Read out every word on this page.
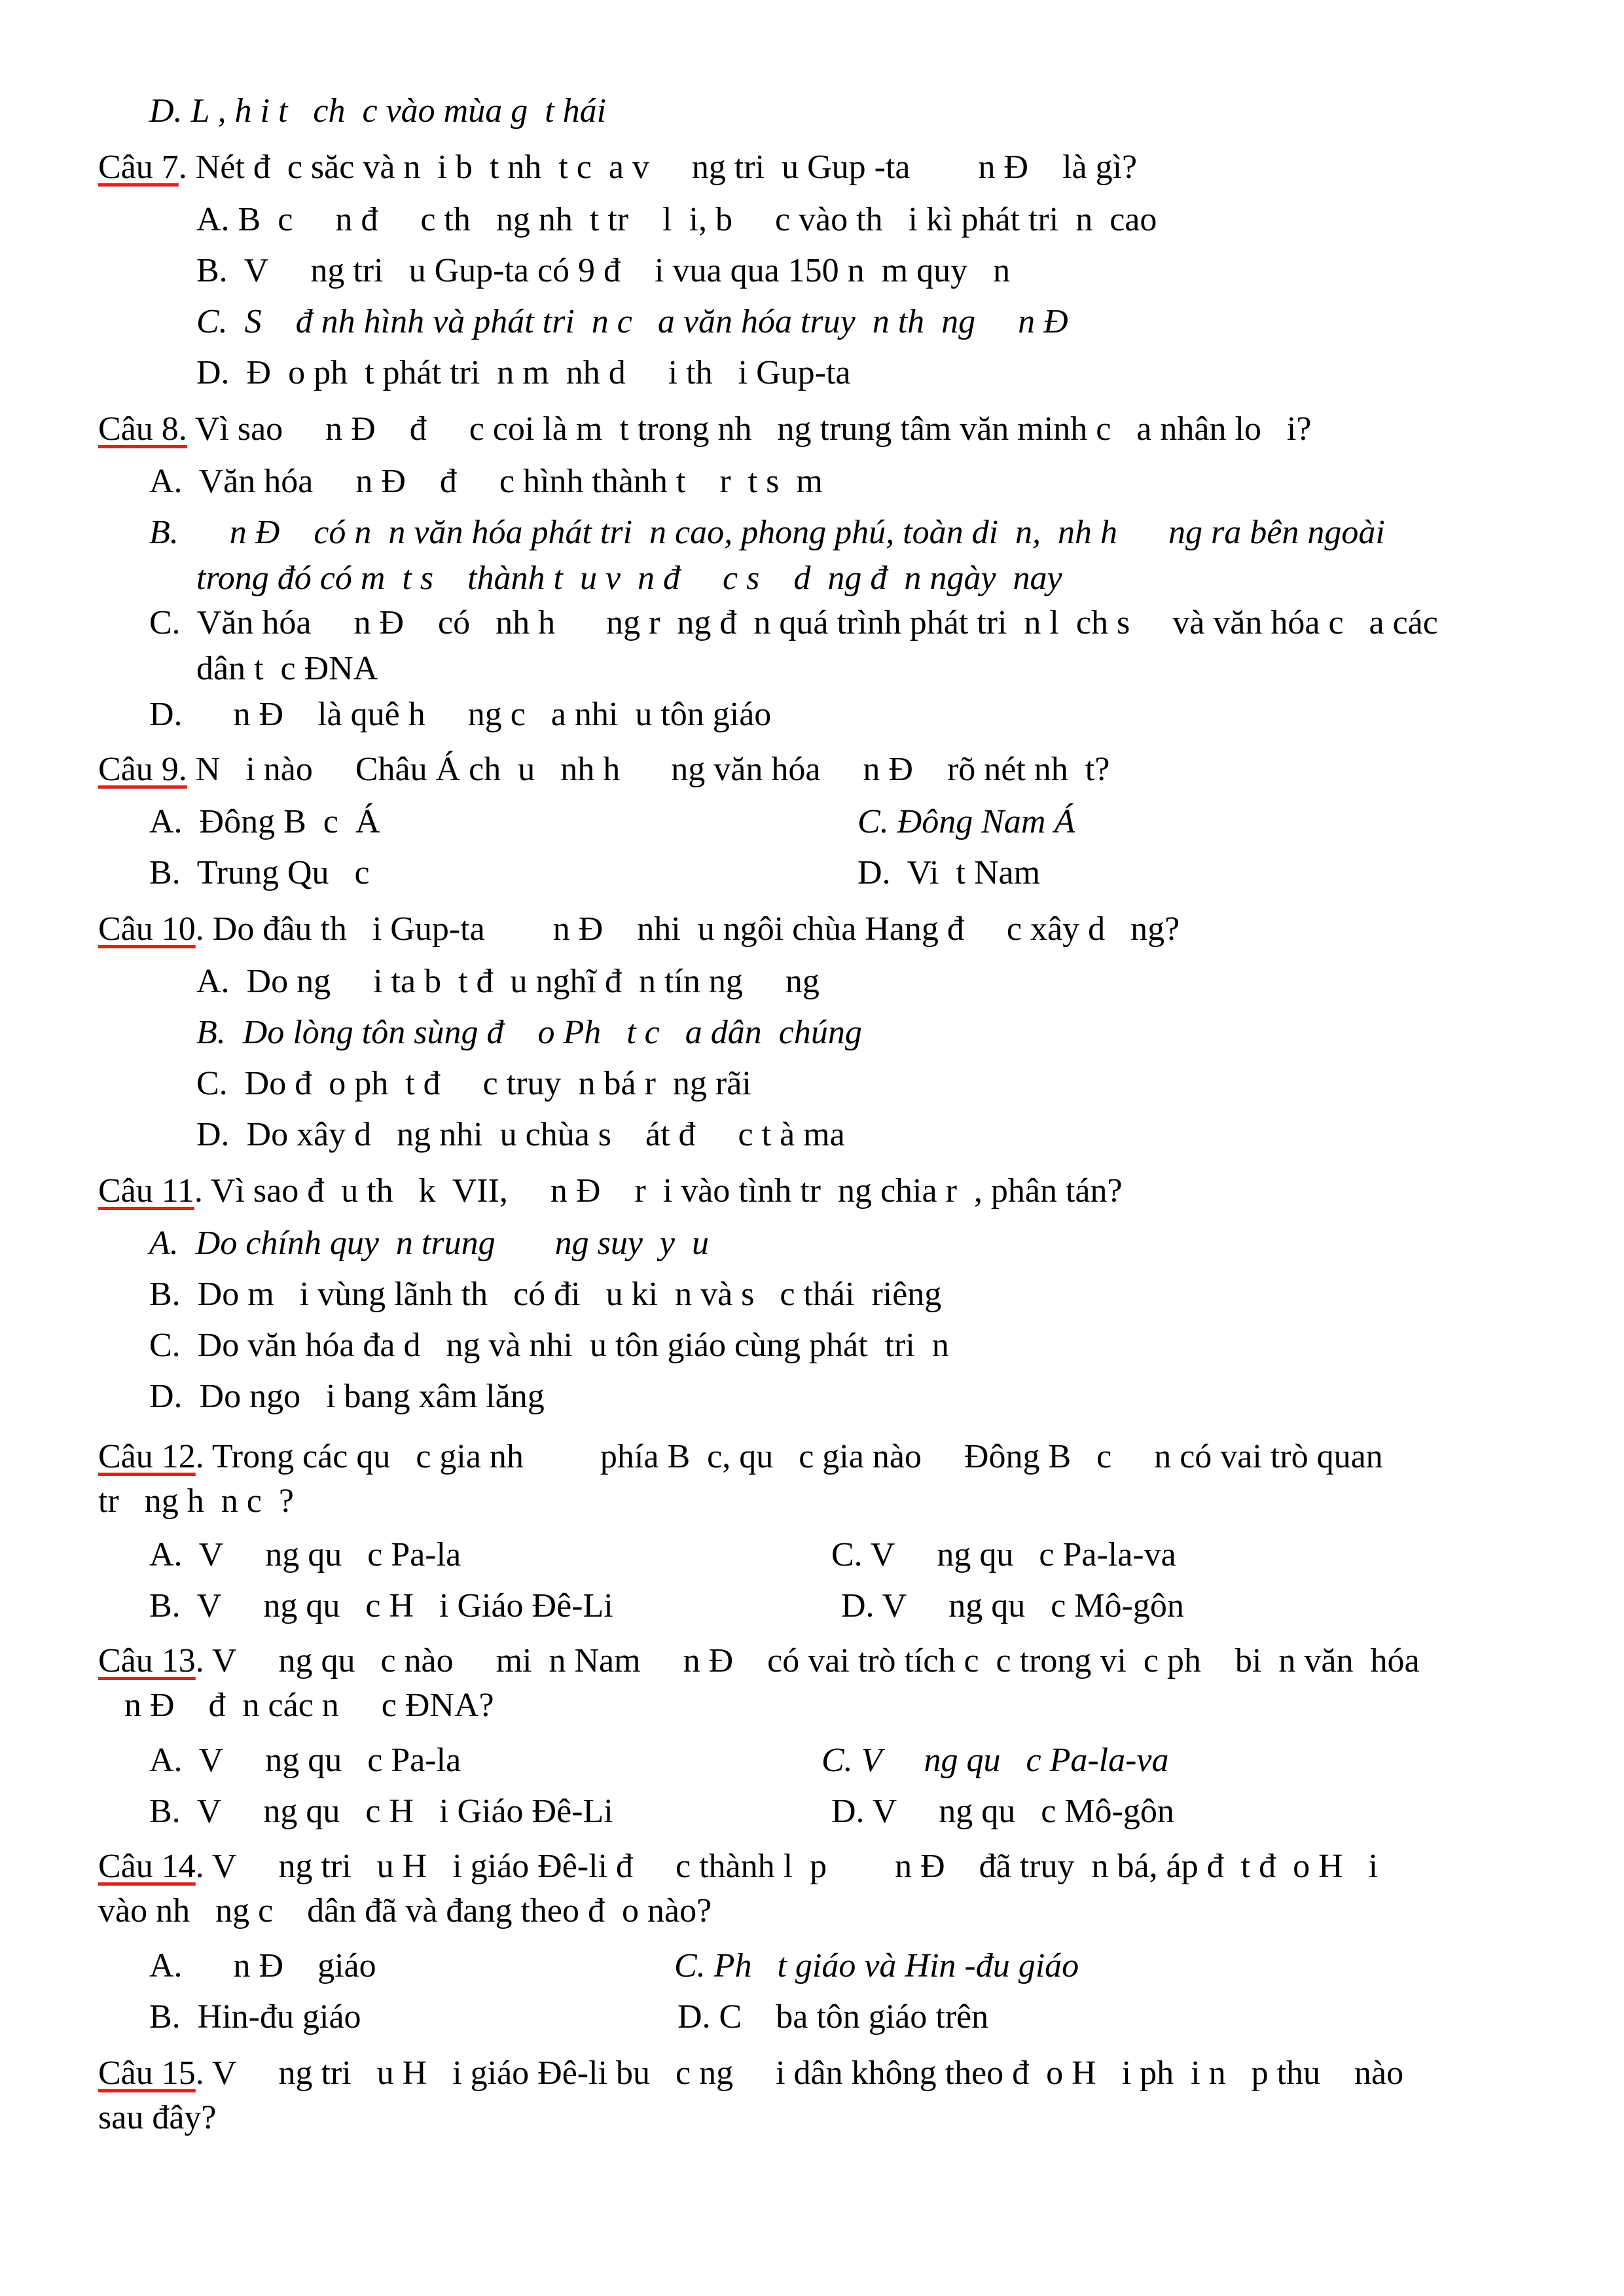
D. L , h i t   ch  c vào mùa g  t hái
Câu 7. Nét đ  c săc và n  i b  t nh  t c  a v     ng tri  u Gup -ta        n Đ    là gì?
A. B  c     n đ     c th   ng nh  t tr    l  i, b     c vào th   i kì phát tri  n  cao
B.  V     ng tri   u Gup-ta có 9 đ    i vua qua 150 n  m quy   n
C.  S    đ nh hình và phát tri  n c   a văn hóa truy  n th  ng     n Đ
D.  Đ  o ph  t phát tri  n m  nh d     i th   i Gup-ta
Câu 8. Vì sao     n Đ    đ     c coi là m  t trong nh   ng trung tâm văn minh c   a nhân lo   i?
A.  Văn hóa     n Đ    đ     c hình thành t    r  t s  m
B.      n Đ    có n  n văn hóa phát tri  n cao, phong phú, toàn di  n,  nh h      ng ra bên ngoài
trong đó có m  t s    thành t  u v  n đ     c s    d  ng đ  n ngày  nay
C.  Văn hóa     n Đ    có   nh h      ng r  ng đ  n quá trình phát tri  n l  ch s     và văn hóa c   a các
dân t  c ĐNA
D.      n Đ    là quê h     ng c   a nhi  u tôn giáo
Câu 9. N   i nào     Châu Á ch  u   nh h      ng văn hóa     n Đ    rõ nét nh  t?
A.  Đông B  c  Á	C. Đông Nam Á
B.  Trung Qu   c	D.  Vi  t Nam
Câu 10. Do đâu th   i Gup-ta        n Đ    nhi  u ngôi chùa Hang đ     c xây d   ng?
A.  Do ng     i ta b  t đ  u nghĩ đ  n tín ng     ng
B.  Do lòng tôn sùng đ    o Ph   t c   a dân  chúng
C.  Do đ  o ph  t đ     c truy  n bá r  ng rãi
D.  Do xây d   ng nhi  u chùa s    át đ     c t à ma
Câu 11. Vì sao đ  u th   k  VII,     n Đ    r  i vào tình tr  ng chia r  , phân tán?
A.  Do chính quy  n trung       ng suy  y  u
B.  Do m   i vùng lãnh th   có đi   u ki  n và s   c thái  riêng
C.  Do văn hóa đa d   ng và nhi  u tôn giáo cùng phát  tri  n
D.  Do ngo   i bang xâm lăng
Câu 12. Trong các qu   c gia nh         phía B  c, qu   c gia nào     Đông B   c     n có vai trò quan
tr   ng h  n c  ?
A.  V     ng qu   c Pa-la	C. V     ng qu   c Pa-la-va
B.  V     ng qu   c H   i Giáo Đê-Li	D. V     ng qu   c Mô-gôn
Câu 13. V     ng qu   c nào     mi  n Nam     n Đ    có vai trò tích c  c trong vi  c ph    bi  n văn  hóa
n Đ    đ  n các n     c ĐNA?
A.  V     ng qu   c Pa-la	C. V     ng qu   c Pa-la-va
B.  V     ng qu   c H   i Giáo Đê-Li	D. V     ng qu   c Mô-gôn
Câu 14. V     ng tri   u H   i giáo Đê-li đ     c thành l  p        n Đ    đã truy  n bá, áp đ  t đ  o H   i
vào nh   ng c    dân đã và đang theo đ  o nào?
A.      n Đ    giáo	C. Ph   t giáo và Hin -đu giáo
B.  Hin-đu giáo	D. C    ba tôn giáo trên
Câu 15. V     ng tri   u H   i giáo Đê-li bu   c ng     i dân không theo đ  o H   i ph  i n   p thu    nào
sau đây?
